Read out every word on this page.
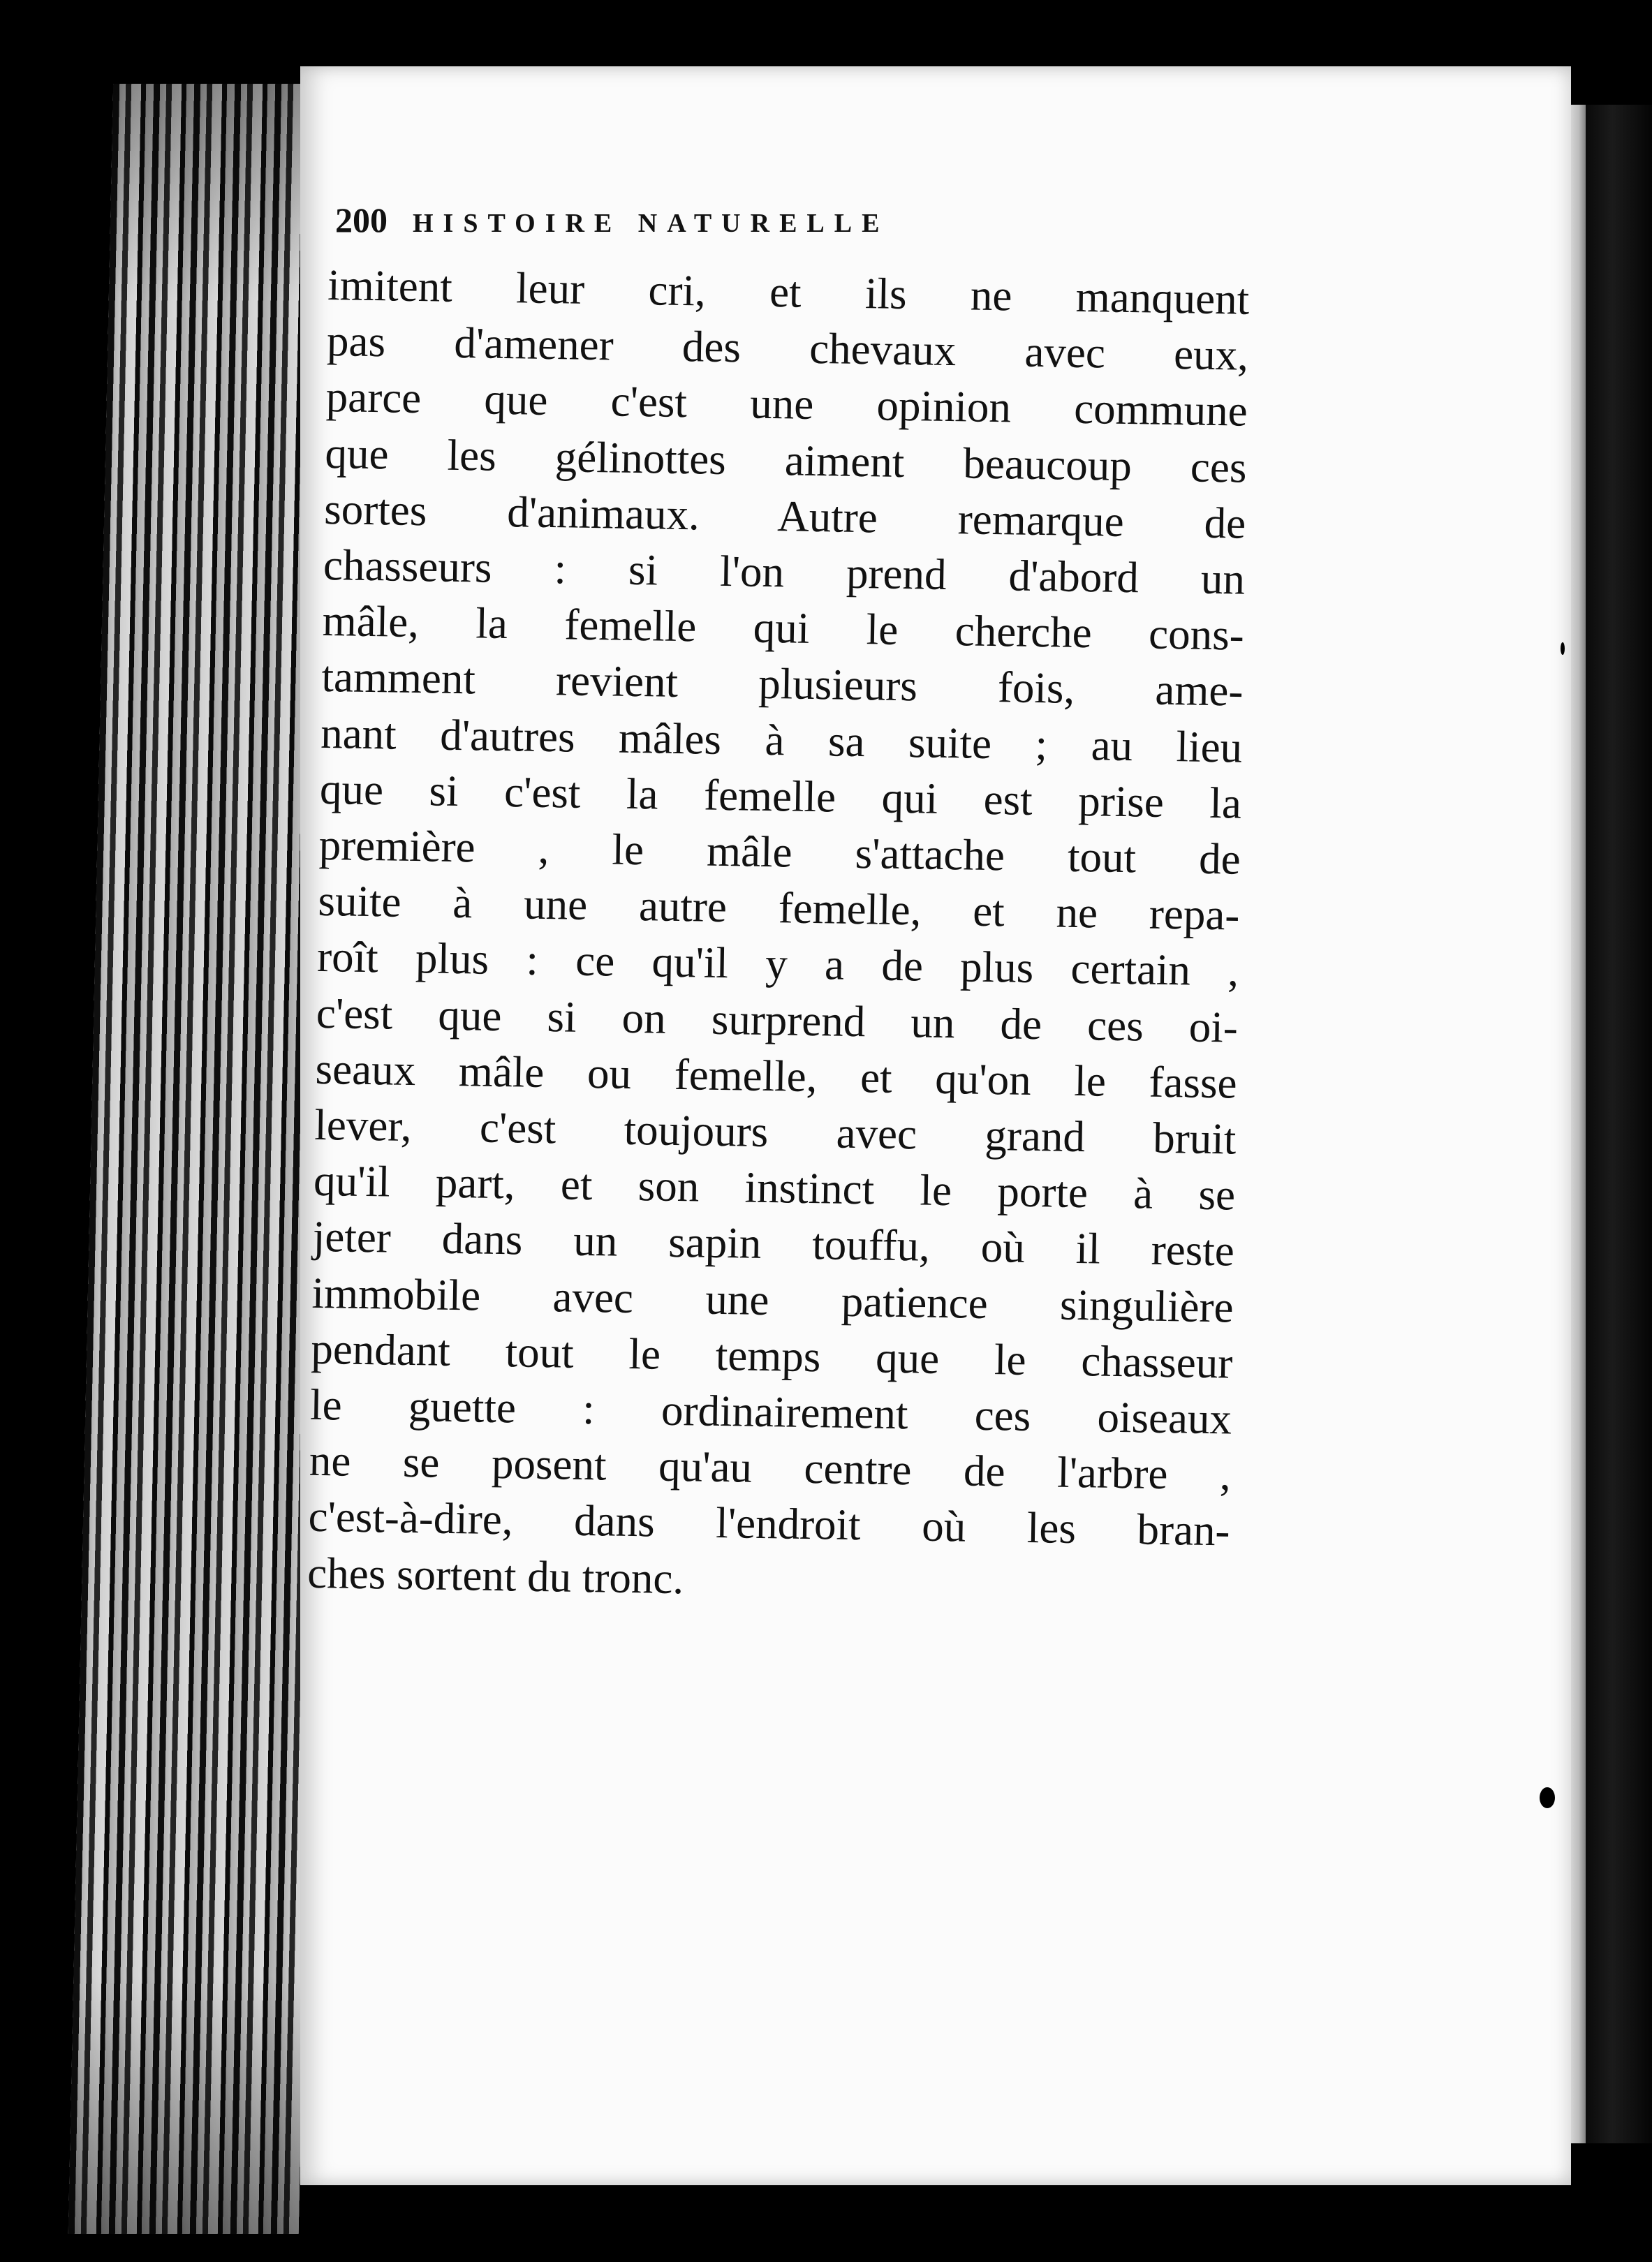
200 HISTOIRE NATURELLE
imitent leur cri, et ils ne manquent
pas d'amener des chevaux avec eux,
parce que c'est une opinion commune
que les gélinottes aiment beaucoup ces
sortes d'animaux. Autre remarque de
chasseurs : si l'on prend d'abord un
mâle, la femelle qui le cherche cons-
tamment revient plusieurs fois, ame-
nant d'autres mâles à sa suite ; au lieu
que si c'est la femelle qui est prise la
première , le mâle s'attache tout de
suite à une autre femelle, et ne repa-
roît plus : ce qu'il y a de plus certain ,
c'est que si on surprend un de ces oi-
seaux mâle ou femelle, et qu'on le fasse
lever, c'est toujours avec grand bruit
qu'il part, et son instinct le porte à se
jeter dans un sapin touffu, où il reste
immobile avec une patience singulière
pendant tout le temps que le chasseur
le guette : ordinairement ces oiseaux
ne se posent qu'au centre de l'arbre ,
c'est-à-dire, dans l'endroit où les bran-
ches sortent du tronc.
